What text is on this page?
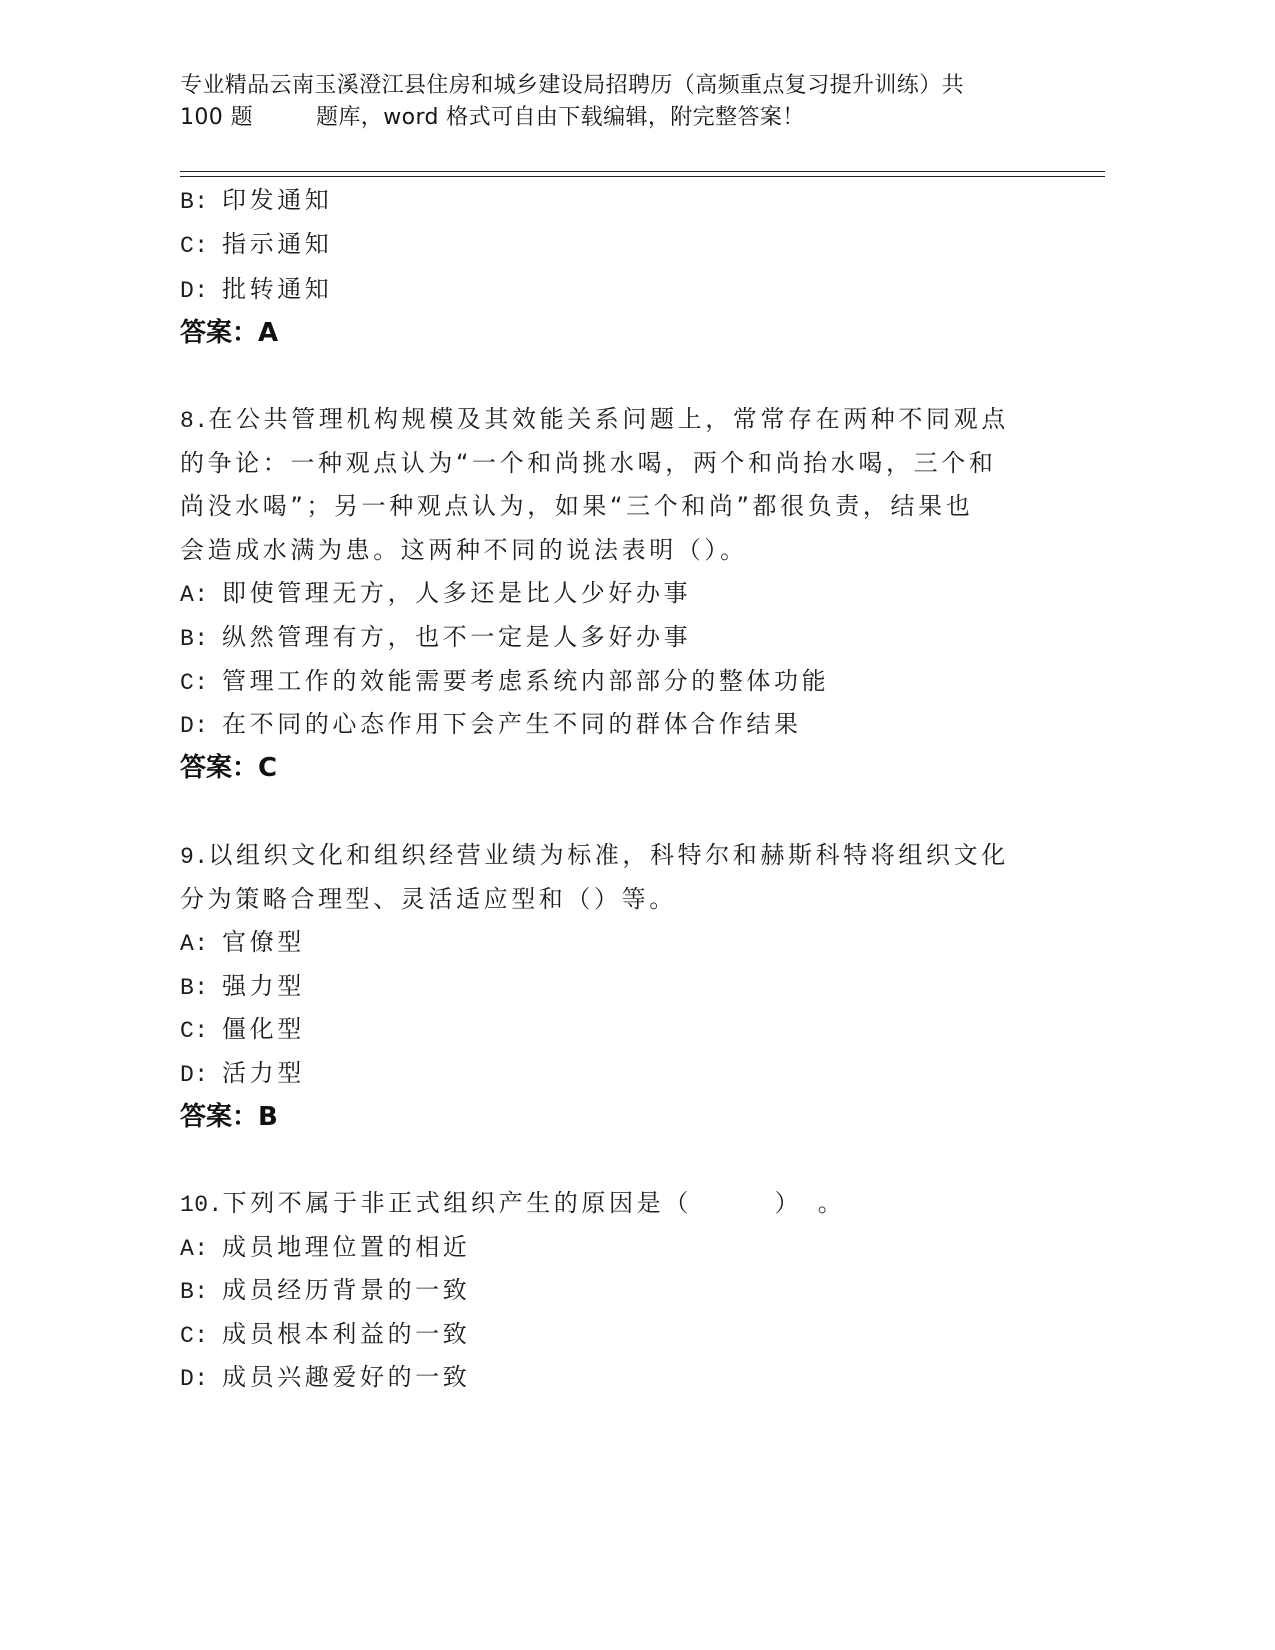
专业精品云南玉溪澄江县住房和城乡建设局招聘历（高频重点复习提升训练）共
100 题	题库，word 格式可自由下载编辑，附完整答案！
B: 印发通知
C: 指示通知
D: 批转通知
答案：A
8.在公共管理机构规模及其效能关系问题上，常常存在两种不同观点
的争论：一种观点认为“一个和尚挑水喝，两个和尚抬水喝，三个和
尚没水喝”；另一种观点认为，如果“三个和尚”都很负责，结果也
会造成水满为患。这两种不同的说法表明（）。
A: 即使管理无方，人多还是比人少好办事
B: 纵然管理有方，也不一定是人多好办事
C: 管理工作的效能需要考虑系统内部部分的整体功能
D: 在不同的心态作用下会产生不同的群体合作结果
答案：C
9.以组织文化和组织经营业绩为标准，科特尔和赫斯科特将组织文化
分为策略合理型、灵活适应型和（）等。
A: 官僚型
B: 强力型
C: 僵化型
D: 活力型
答案：B
10.下列不属于非正式组织产生的原因是（　　　）　。
A: 成员地理位置的相近
B: 成员经历背景的一致
C: 成员根本利益的一致
D: 成员兴趣爱好的一致
